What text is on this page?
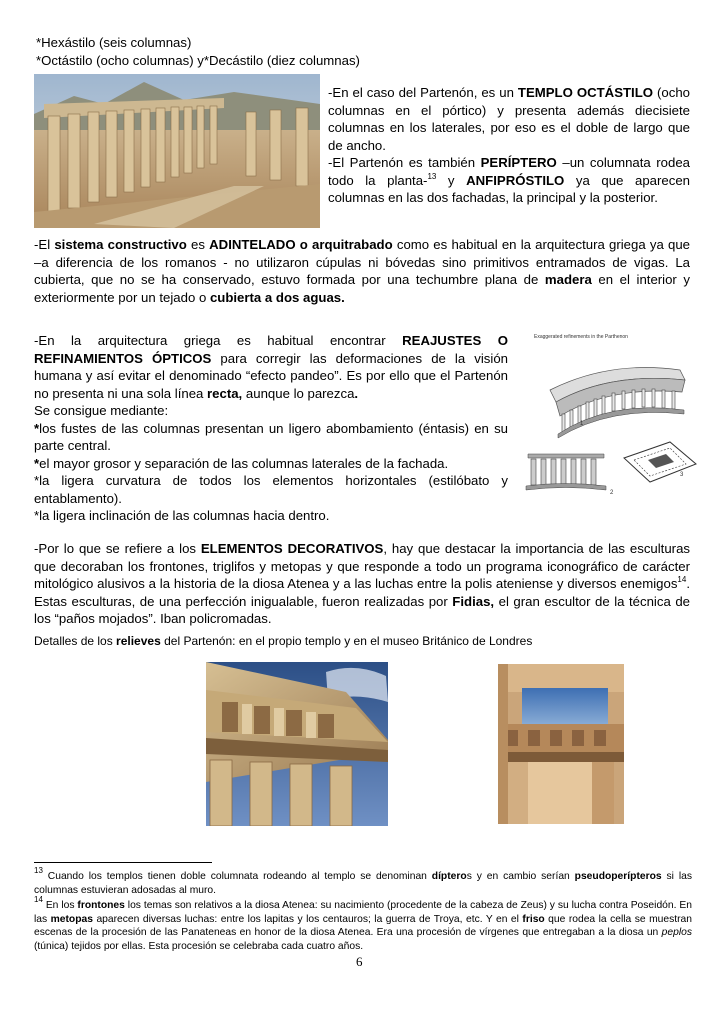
*Hexástilo (seis columnas)
*Octástilo (ocho columnas) y*Decástilo (diez columnas)
-En el caso del Partenón, es un TEMPLO OCTÁSTILO (ocho columnas en el pórtico) y presenta además diecisiete columnas en los laterales, por eso es el doble de largo que de ancho.
-El Partenón es también PERÍPTERO –un columnata rodea todo la planta-$^{13}$ y ANFIPRÓSTILO ya que aparecen columnas en las dos fachadas, la principal y la posterior.
-El sistema constructivo es ADINTELADO o arquitrabado como es habitual en la arquitectura griega ya que –a diferencia de los romanos - no utilizaron cúpulas ni bóvedas sino primitivos entramados de vigas. La cubierta, que no se ha conservado, estuvo formada por una techumbre plana de madera en el interior y exteriormente por un tejado o cubierta a dos aguas.
-En la arquitectura griega es habitual encontrar REAJUSTES O REFINAMIENTOS ÓPTICOS para corregir las deformaciones de la visión humana y así evitar el denominado “efecto pandeo”. Es por ello que el Partenón no presenta ni una sola línea recta, aunque lo parezca.
Se consigue mediante:
*los fustes de las columnas presentan un ligero abombamiento (éntasis) en su parte central.
*el mayor grosor y separación de las columnas laterales de la fachada.
*la ligera curvatura de todos los elementos horizontales (estilóbato y entablamento).
*la ligera inclinación de las columnas hacia dentro.
Exaggerated refinements in the Parthenon
1
2
3
-Por lo que se refiere a los ELEMENTOS DECORATIVOS, hay que destacar la importancia de las esculturas que decoraban los frontones, triglifos y metopas y que responde a todo un programa iconográfico de carácter mitológico alusivos a la historia de la diosa Atenea y a las luchas entre la polis ateniense y diversos enemigos$^{14}$. Estas esculturas, de una perfección inigualable, fueron realizadas por Fidias, el gran escultor de la técnica de los “paños mojados”. Iban policromadas.
Detalles de los relieves del Partenón: en el propio templo y en el museo Británico de Londres
$^{13}$ Cuando los templos tienen doble columnata rodeando al templo se denominan dípteros y en cambio serían pseudoperípteros si las columnas estuvieran adosadas al muro.
$^{14}$ En los frontones los temas son relativos a la diosa Atenea: su nacimiento (procedente de la cabeza de Zeus) y su lucha contra Poseidón. En las metopas aparecen diversas luchas: entre los lapitas y los centauros; la guerra de Troya, etc. Y en el friso que rodea la cella se muestran escenas de la procesión de las Panateneas en honor de la diosa Atenea. Era una procesión de vírgenes que entregaban a la diosa un peplos (túnica) tejidos por ellas. Esta procesión se celebraba cada cuatro años.
6
